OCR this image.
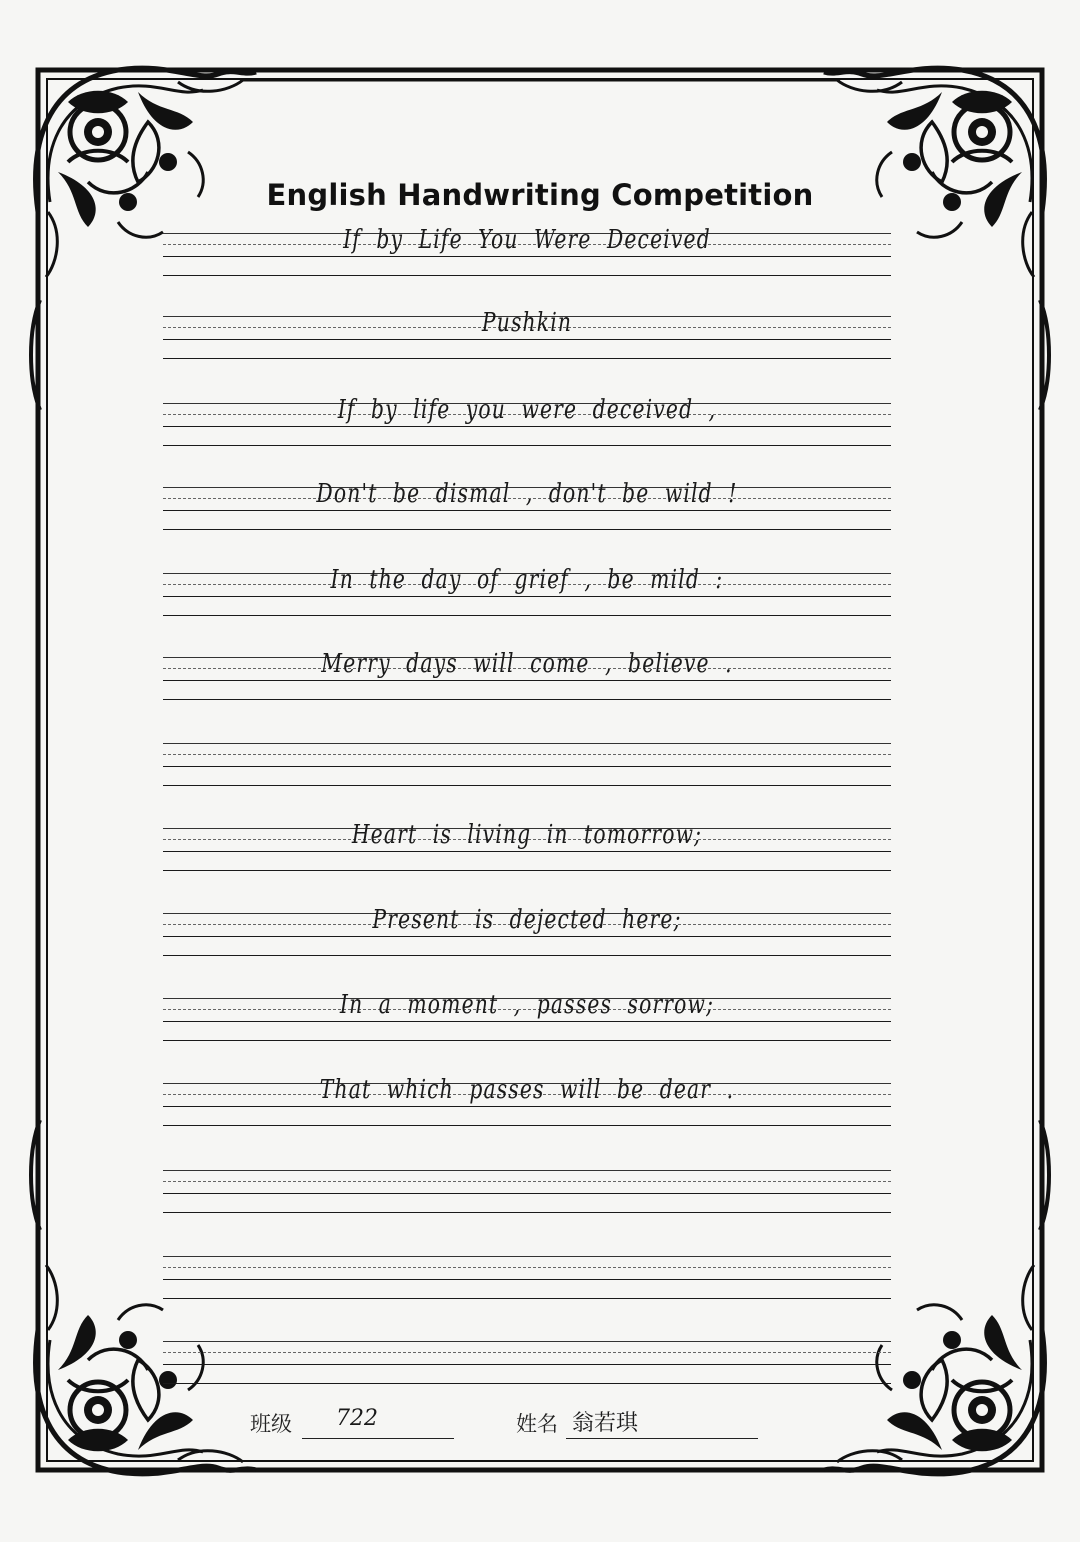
English Handwriting Competition
If by Life You Were Deceived
Pushkin
If by life you were deceived ,
Don't be dismal , don't be wild !
In the day of grief , be mild :
Merry days will come , believe .
Heart is living in tomorrow;
Present is dejected here;
In a moment , passes sorrow;
That which passes will be dear .
班级 722	姓名 翁若琪
